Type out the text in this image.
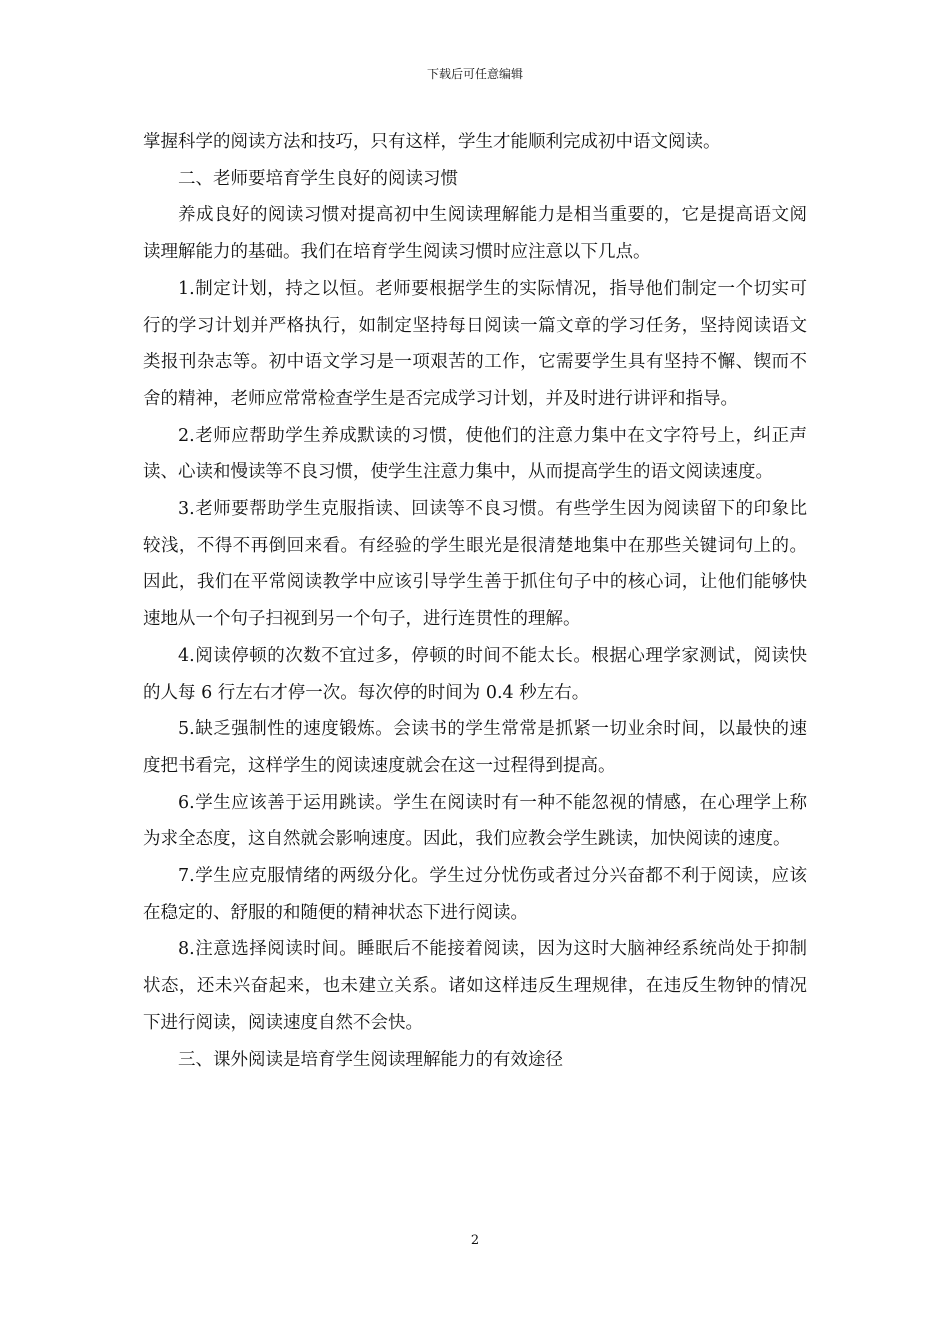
下载后可任意编辑

掌握科学的阅读方法和技巧，只有这样，学生才能顺利完成初中语文阅读。

二、老师要培育学生良好的阅读习惯

养成良好的阅读习惯对提高初中生阅读理解能力是相当重要的，它是提高语文阅读理解能力的基础。我们在培育学生阅读习惯时应注意以下几点。

1.制定计划，持之以恒。老师要根据学生的实际情况，指导他们制定一个切实可行的学习计划并严格执行，如制定坚持每日阅读一篇文章的学习任务，坚持阅读语文类报刊杂志等。初中语文学习是一项艰苦的工作，它需要学生具有坚持不懈、锲而不舍的精神，老师应常常检查学生是否完成学习计划，并及时进行讲评和指导。

2.老师应帮助学生养成默读的习惯，使他们的注意力集中在文字符号上，纠正声读、心读和慢读等不良习惯，使学生注意力集中，从而提高学生的语文阅读速度。

3.老师要帮助学生克服指读、回读等不良习惯。有些学生因为阅读留下的印象比较浅，不得不再倒回来看。有经验的学生眼光是很清楚地集中在那些关键词句上的。因此，我们在平常阅读教学中应该引导学生善于抓住句子中的核心词，让他们能够快速地从一个句子扫视到另一个句子，进行连贯性的理解。

4.阅读停顿的次数不宜过多，停顿的时间不能太长。根据心理学家测试，阅读快的人每 6 行左右才停一次。每次停的时间为 0.4 秒左右。

5.缺乏强制性的速度锻炼。会读书的学生常常是抓紧一切业余时间，以最快的速度把书看完，这样学生的阅读速度就会在这一过程得到提高。

6.学生应该善于运用跳读。学生在阅读时有一种不能忽视的情感，在心理学上称为求全态度，这自然就会影响速度。因此，我们应教会学生跳读，加快阅读的速度。

7.学生应克服情绪的两级分化。学生过分忧伤或者过分兴奋都不利于阅读，应该在稳定的、舒服的和随便的精神状态下进行阅读。

8.注意选择阅读时间。睡眠后不能接着阅读，因为这时大脑神经系统尚处于抑制状态，还未兴奋起来，也未建立关系。诸如这样违反生理规律，在违反生物钟的情况下进行阅读，阅读速度自然不会快。

三、课外阅读是培育学生阅读理解能力的有效途径

2
